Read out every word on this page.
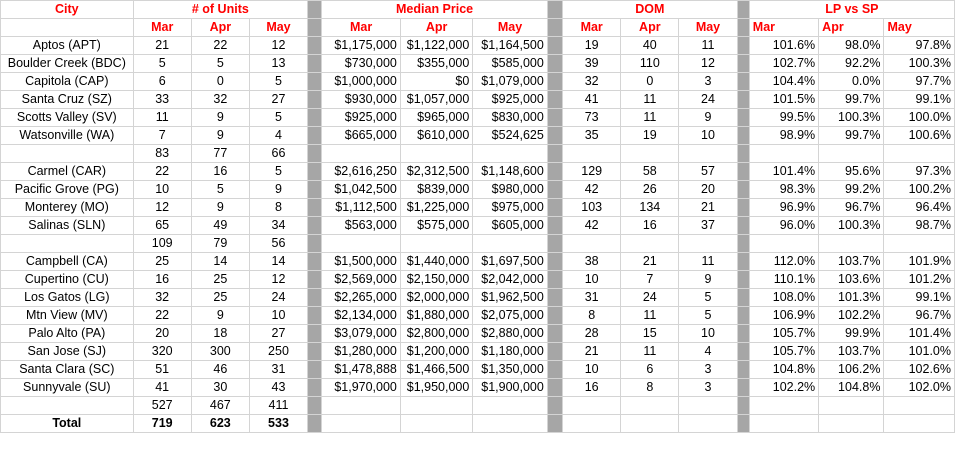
City	# of Units				Median Price				DOM				LP vs SP		
	Mar	Apr	May		Mar	Apr	May		Mar	Apr	May		Mar	Apr	May
Aptos (APT)	21	22	12		$1,175,000	$1,122,000	$1,164,500		19	40	11		101.6%	98.0%	97.8%
Boulder Creek (BDC)	5	5	13		$730,000	$355,000	$585,000		39	110	12		102.7%	92.2%	100.3%
Capitola (CAP)	6	0	5		$1,000,000	$0	$1,079,000		32	0	3		104.4%	0.0%	97.7%
Santa Cruz (SZ)	33	32	27		$930,000	$1,057,000	$925,000		41	11	24		101.5%	99.7%	99.1%
Scotts Valley (SV)	11	9	5		$925,000	$965,000	$830,000		73	11	9		99.5%	100.3%	100.0%
Watsonville (WA)	7	9	4		$665,000	$610,000	$524,625		35	19	10		98.9%	99.7%	100.6%
	83	77	66												
Carmel (CAR)	22	16	5		$2,616,250	$2,312,500	$1,148,600		129	58	57		101.4%	95.6%	97.3%
Pacific Grove (PG)	10	5	9		$1,042,500	$839,000	$980,000		42	26	20		98.3%	99.2%	100.2%
Monterey (MO)	12	9	8		$1,112,500	$1,225,000	$975,000		103	134	21		96.9%	96.7%	96.4%
Salinas (SLN)	65	49	34		$563,000	$575,000	$605,000		42	16	37		96.0%	100.3%	98.7%
	109	79	56												
Campbell (CA)	25	14	14		$1,500,000	$1,440,000	$1,697,500		38	21	11		112.0%	103.7%	101.9%
Cupertino (CU)	16	25	12		$2,569,000	$2,150,000	$2,042,000		10	7	9		110.1%	103.6%	101.2%
Los Gatos (LG)	32	25	24		$2,265,000	$2,000,000	$1,962,500		31	24	5		108.0%	101.3%	99.1%
Mtn View (MV)	22	9	10		$2,134,000	$1,880,000	$2,075,000		8	11	5		106.9%	102.2%	96.7%
Palo Alto (PA)	20	18	27		$3,079,000	$2,800,000	$2,880,000		28	15	10		105.7%	99.9%	101.4%
San Jose (SJ)	320	300	250		$1,280,000	$1,200,000	$1,180,000		21	11	4		105.7%	103.7%	101.0%
Santa Clara (SC)	51	46	31		$1,478,888	$1,466,500	$1,350,000		10	6	3		104.8%	106.2%	102.6%
Sunnyvale (SU)	41	30	43		$1,970,000	$1,950,000	$1,900,000		16	8	3		102.2%	104.8%	102.0%
	527	467	411												
Total	719	623	533												
